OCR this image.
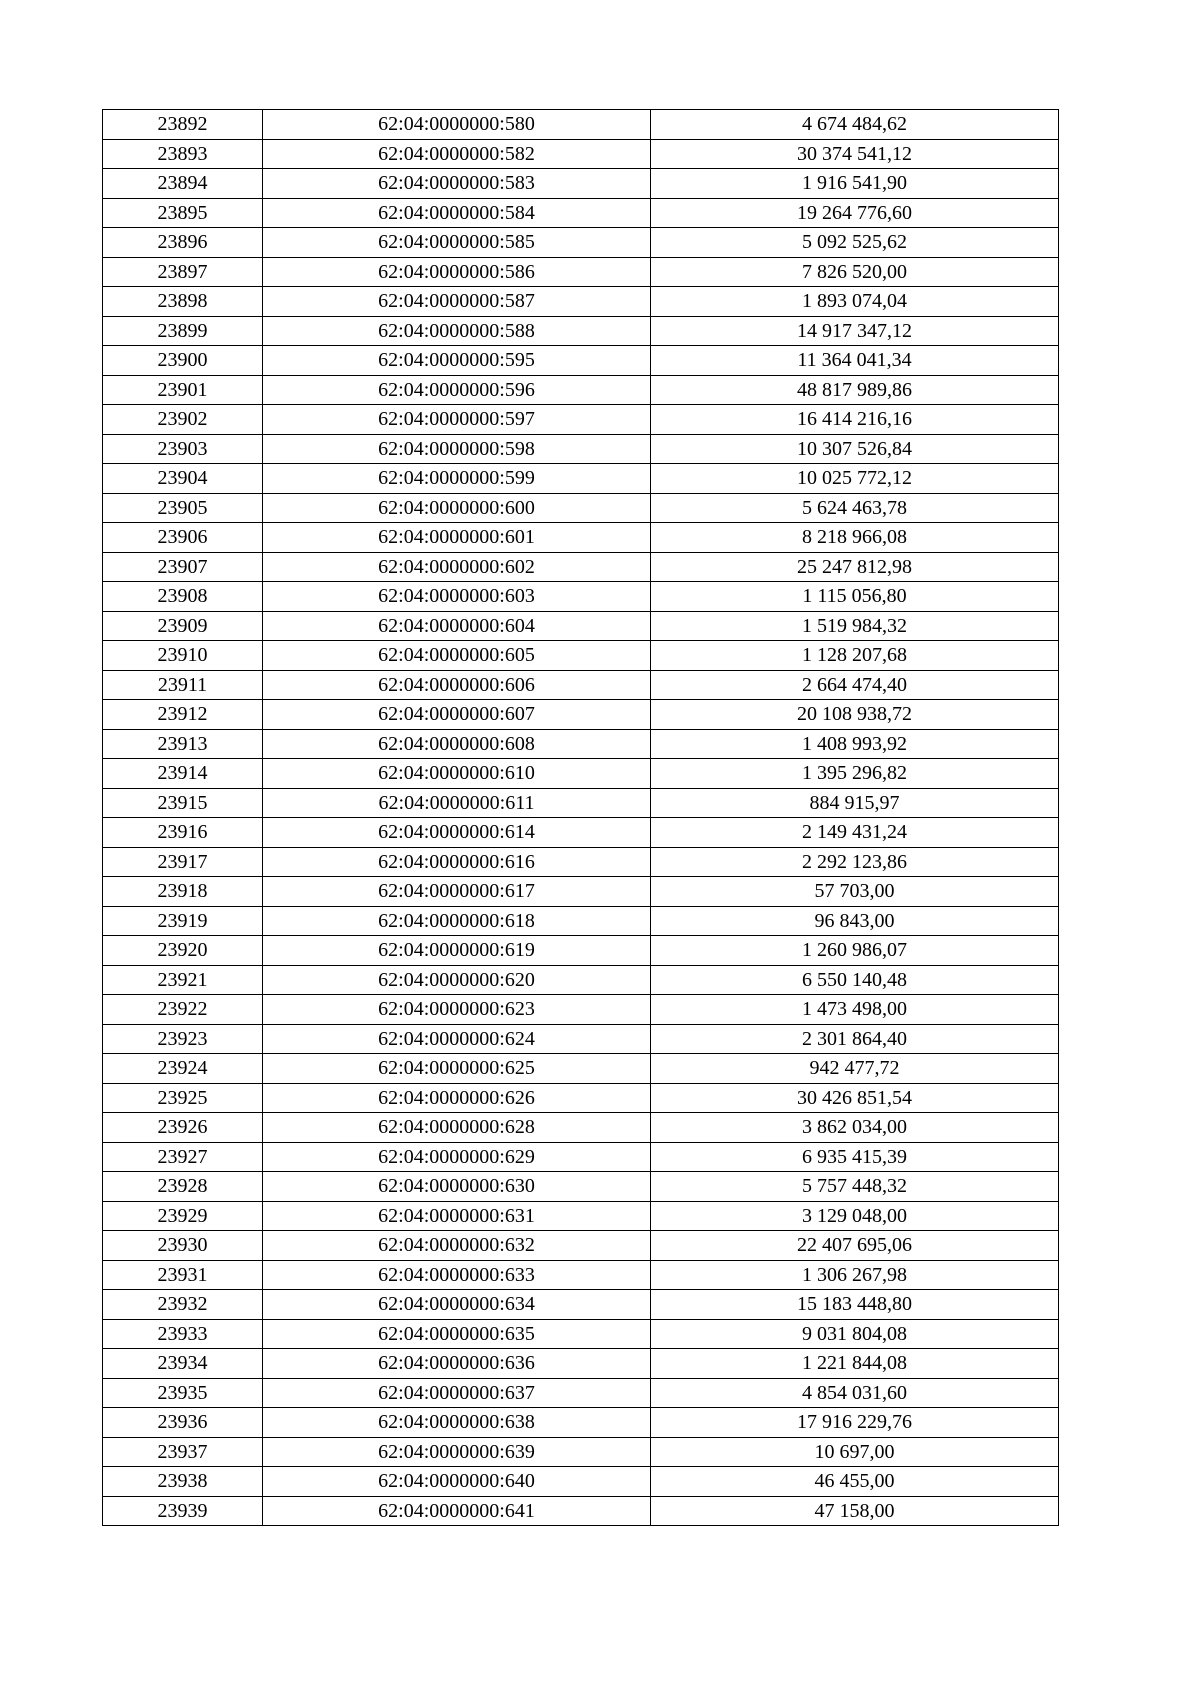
23892	62:04:0000000:580	4 674 484,62
23893	62:04:0000000:582	30 374 541,12
23894	62:04:0000000:583	1 916 541,90
23895	62:04:0000000:584	19 264 776,60
23896	62:04:0000000:585	5 092 525,62
23897	62:04:0000000:586	7 826 520,00
23898	62:04:0000000:587	1 893 074,04
23899	62:04:0000000:588	14 917 347,12
23900	62:04:0000000:595	11 364 041,34
23901	62:04:0000000:596	48 817 989,86
23902	62:04:0000000:597	16 414 216,16
23903	62:04:0000000:598	10 307 526,84
23904	62:04:0000000:599	10 025 772,12
23905	62:04:0000000:600	5 624 463,78
23906	62:04:0000000:601	8 218 966,08
23907	62:04:0000000:602	25 247 812,98
23908	62:04:0000000:603	1 115 056,80
23909	62:04:0000000:604	1 519 984,32
23910	62:04:0000000:605	1 128 207,68
23911	62:04:0000000:606	2 664 474,40
23912	62:04:0000000:607	20 108 938,72
23913	62:04:0000000:608	1 408 993,92
23914	62:04:0000000:610	1 395 296,82
23915	62:04:0000000:611	884 915,97
23916	62:04:0000000:614	2 149 431,24
23917	62:04:0000000:616	2 292 123,86
23918	62:04:0000000:617	57 703,00
23919	62:04:0000000:618	96 843,00
23920	62:04:0000000:619	1 260 986,07
23921	62:04:0000000:620	6 550 140,48
23922	62:04:0000000:623	1 473 498,00
23923	62:04:0000000:624	2 301 864,40
23924	62:04:0000000:625	942 477,72
23925	62:04:0000000:626	30 426 851,54
23926	62:04:0000000:628	3 862 034,00
23927	62:04:0000000:629	6 935 415,39
23928	62:04:0000000:630	5 757 448,32
23929	62:04:0000000:631	3 129 048,00
23930	62:04:0000000:632	22 407 695,06
23931	62:04:0000000:633	1 306 267,98
23932	62:04:0000000:634	15 183 448,80
23933	62:04:0000000:635	9 031 804,08
23934	62:04:0000000:636	1 221 844,08
23935	62:04:0000000:637	4 854 031,60
23936	62:04:0000000:638	17 916 229,76
23937	62:04:0000000:639	10 697,00
23938	62:04:0000000:640	46 455,00
23939	62:04:0000000:641	47 158,00
